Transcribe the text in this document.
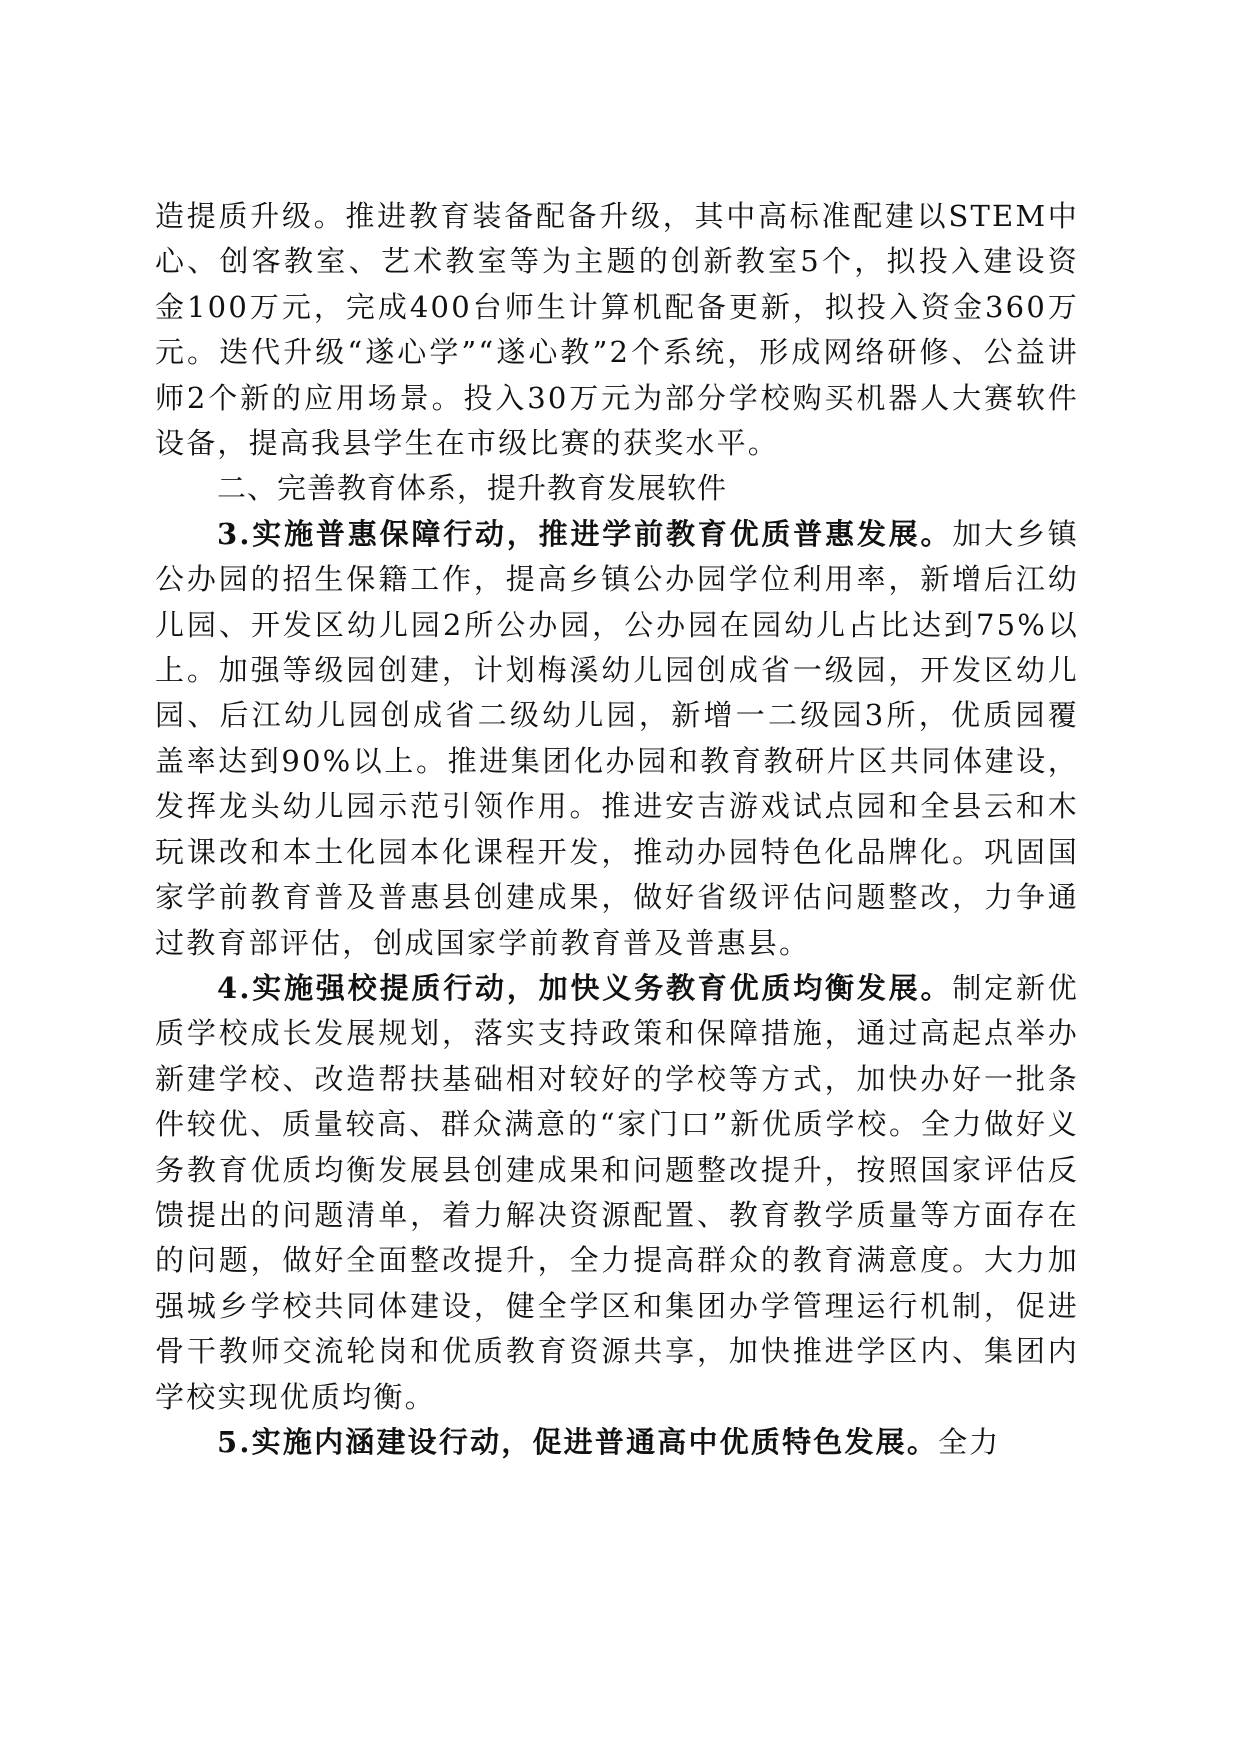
造提质升级。推进教育装备配备升级，其中高标准配建以STEM中心、创客教室、艺术教室等为主题的创新教室5个，拟投入建设资金100万元，完成400台师生计算机配备更新，拟投入资金360万元。迭代升级“遂心学”“遂心教”2个系统，形成网络研修、公益讲师2个新的应用场景。投入30万元为部分学校购买机器人大赛软件设备，提高我县学生在市级比赛的获奖水平。

二、完善教育体系，提升教育发展软件

3.实施普惠保障行动，推进学前教育优质普惠发展。加大乡镇公办园的招生保籍工作，提高乡镇公办园学位利用率，新增后江幼儿园、开发区幼儿园2所公办园，公办园在园幼儿占比达到75%以上。加强等级园创建，计划梅溪幼儿园创成省一级园，开发区幼儿园、后江幼儿园创成省二级幼儿园，新增一二级园3所，优质园覆盖率达到90%以上。推进集团化办园和教育教研片区共同体建设，发挥龙头幼儿园示范引领作用。推进安吉游戏试点园和全县云和木玩课改和本土化园本化课程开发，推动办园特色化品牌化。巩固国家学前教育普及普惠县创建成果，做好省级评估问题整改，力争通过教育部评估，创成国家学前教育普及普惠县。

4.实施强校提质行动，加快义务教育优质均衡发展。制定新优质学校成长发展规划，落实支持政策和保障措施，通过高起点举办新建学校、改造帮扶基础相对较好的学校等方式，加快办好一批条件较优、质量较高、群众满意的“家门口”新优质学校。全力做好义务教育优质均衡发展县创建成果和问题整改提升，按照国家评估反馈提出的问题清单，着力解决资源配置、教育教学质量等方面存在的问题，做好全面整改提升，全力提高群众的教育满意度。大力加强城乡学校共同体建设，健全学区和集团办学管理运行机制，促进骨干教师交流轮岗和优质教育资源共享，加快推进学区内、集团内学校实现优质均衡。

5.实施内涵建设行动，促进普通高中优质特色发展。全力
